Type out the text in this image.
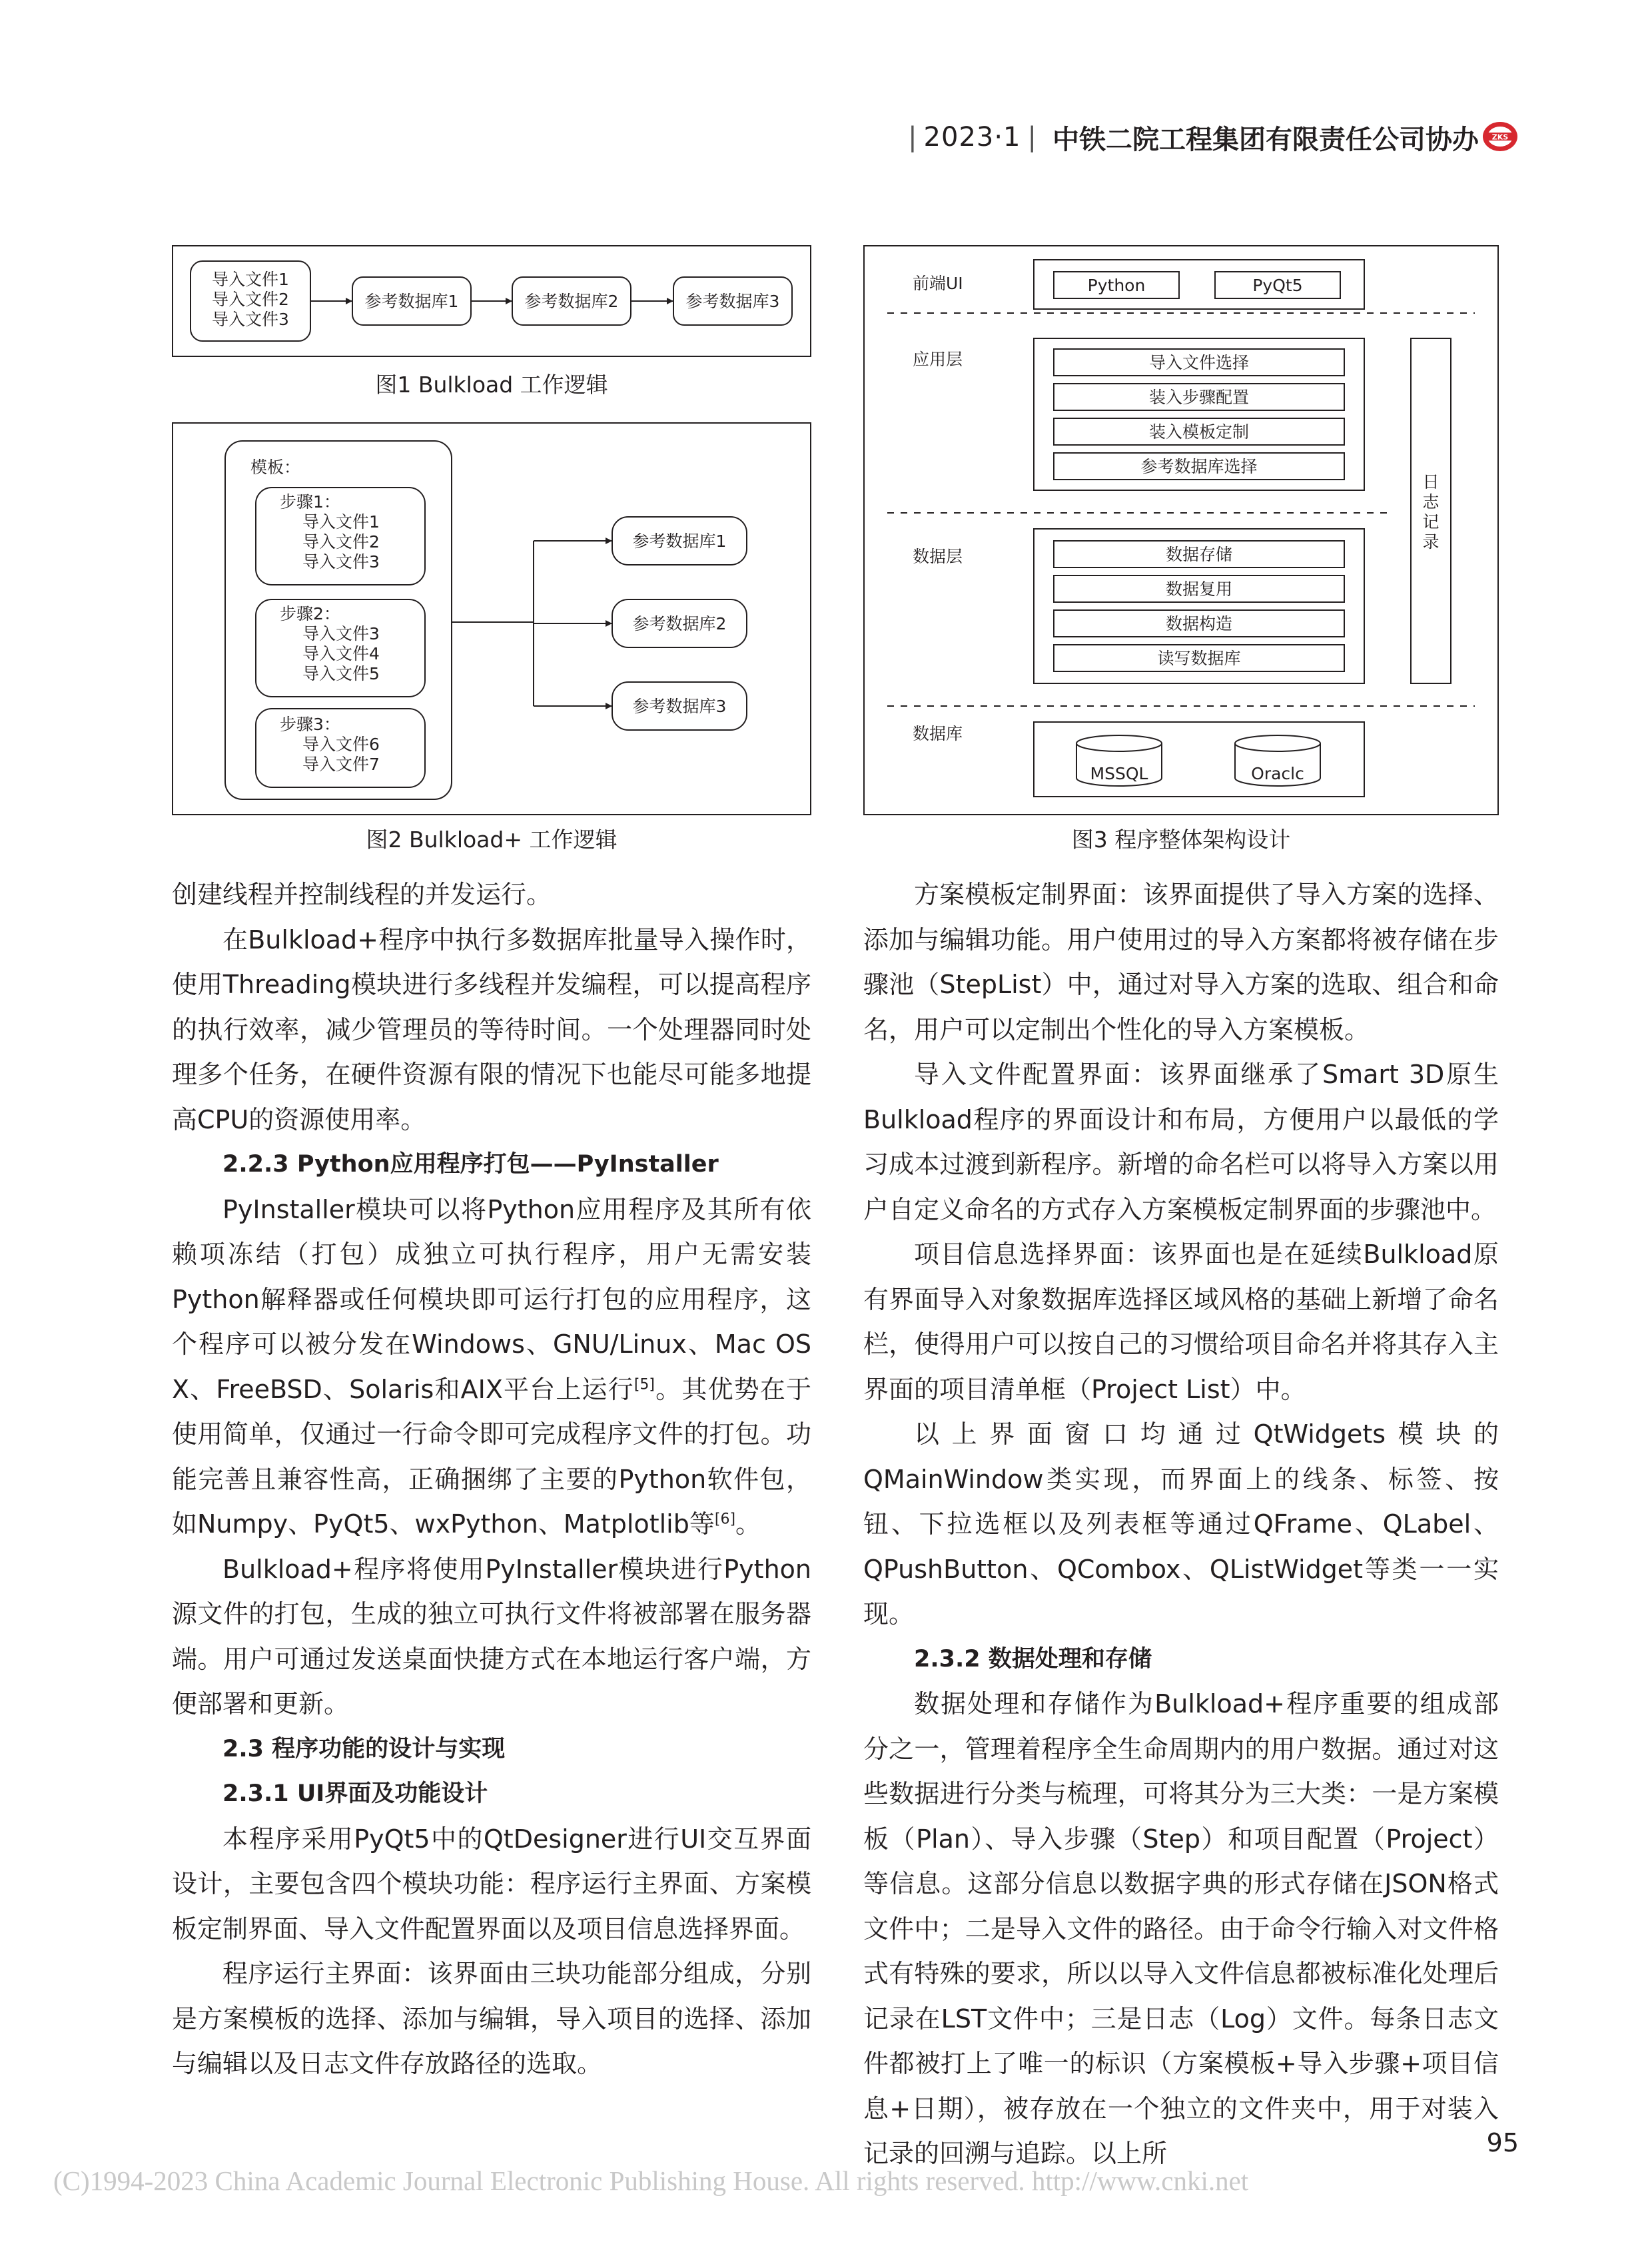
| 2023·1 | 中铁二院工程集团有限责任公司协办 ZKS
导入文件1
导入文件2
导入文件3
参考数据库1	参考数据库2	参考数据库3
图1 Bulkload 工作逻辑
模板：
步骤1：
导入文件1
导入文件2
导入文件3
步骤2：
导入文件3
导入文件4
导入文件5
步骤3：
导入文件6
导入文件7
参考数据库1
参考数据库2
参考数据库3
图2 Bulkload+ 工作逻辑
前端UI	Python	PyQt5
应用层	导入文件选择
装入步骤配置
装入模板定制
参考数据库选择
数据层	数据存储
数据复用
数据构造
读写数据库
日
志
记
录
数据库
MSSQL	Oraclc
图3 程序整体架构设计

创建线程并控制线程的并发运行。

在Bulkload+程序中执行多数据库批量导入操作时，使用Threading模块进行多线程并发编程，可以提高程序的执行效率，减少管理员的等待时间。一个处理器同时处理多个任务，在硬件资源有限的情况下也能尽可能多地提高CPU的资源使用率。

2.2.3 Python应用程序打包——PyInstaller

PyInstaller模块可以将Python应用程序及其所有依赖项冻结（打包）成独立可执行程序，用户无需安装Python解释器或任何模块即可运行打包的应用程序，这个程序可以被分发在Windows、GNU/Linux、Mac OS X、FreeBSD、Solaris和AIX平台上运行[5]。其优势在于使用简单，仅通过一行命令即可完成程序文件的打包。功能完善且兼容性高，正确捆绑了主要的Python软件包，如Numpy、PyQt5、wxPython、Matplotlib等[6]。

Bulkload+程序将使用PyInstaller模块进行Python源文件的打包，生成的独立可执行文件将被部署在服务器端。用户可通过发送桌面快捷方式在本地运行客户端，方便部署和更新。

2.3 程序功能的设计与实现

2.3.1 UI界面及功能设计

本程序采用PyQt5中的QtDesigner进行UI交互界面设计，主要包含四个模块功能：程序运行主界面、方案模板定制界面、导入文件配置界面以及项目信息选择界面。

程序运行主界面：该界面由三块功能部分组成，分别是方案模板的选择、添加与编辑，导入项目的选择、添加与编辑以及日志文件存放路径的选取。

方案模板定制界面：该界面提供了导入方案的选择、添加与编辑功能。用户使用过的导入方案都将被存储在步骤池（StepList）中，通过对导入方案的选取、组合和命名，用户可以定制出个性化的导入方案模板。

导入文件配置界面：该界面继承了Smart 3D原生Bulkload程序的界面设计和布局，方便用户以最低的学习成本过渡到新程序。新增的命名栏可以将导入方案以用户自定义命名的方式存入方案模板定制界面的步骤池中。

项目信息选择界面：该界面也是在延续Bulkload原有界面导入对象数据库选择区域风格的基础上新增了命名栏，使得用户可以按自己的习惯给项目命名并将其存入主界面的项目清单框（Project List）中。

以上界面窗口均通过QtWidgets模块的QMainWindow类实现，而界面上的线条、标签、按钮、下拉选框以及列表框等通过QFrame、QLabel、QPushButton、QCombox、QListWidget等类一一实现。

2.3.2 数据处理和存储

数据处理和存储作为Bulkload+程序重要的组成部分之一，管理着程序全生命周期内的用户数据。通过对这些数据进行分类与梳理，可将其分为三大类：一是方案模板（Plan）、导入步骤（Step）和项目配置（Project）等信息。这部分信息以数据字典的形式存储在JSON格式文件中；二是导入文件的路径。由于命令行输入对文件格式有特殊的要求，所以以导入文件信息都被标准化处理后记录在LST文件中；三是日志（Log）文件。每条日志文件都被打上了唯一的标识（方案模板+导入步骤+项目信息+日期），被存放在一个独立的文件夹中，用于对装入记录的回溯与追踪。以上所	95
(C)1994-2023 China Academic Journal Electronic Publishing House. All rights reserved. http://www.cnki.net
